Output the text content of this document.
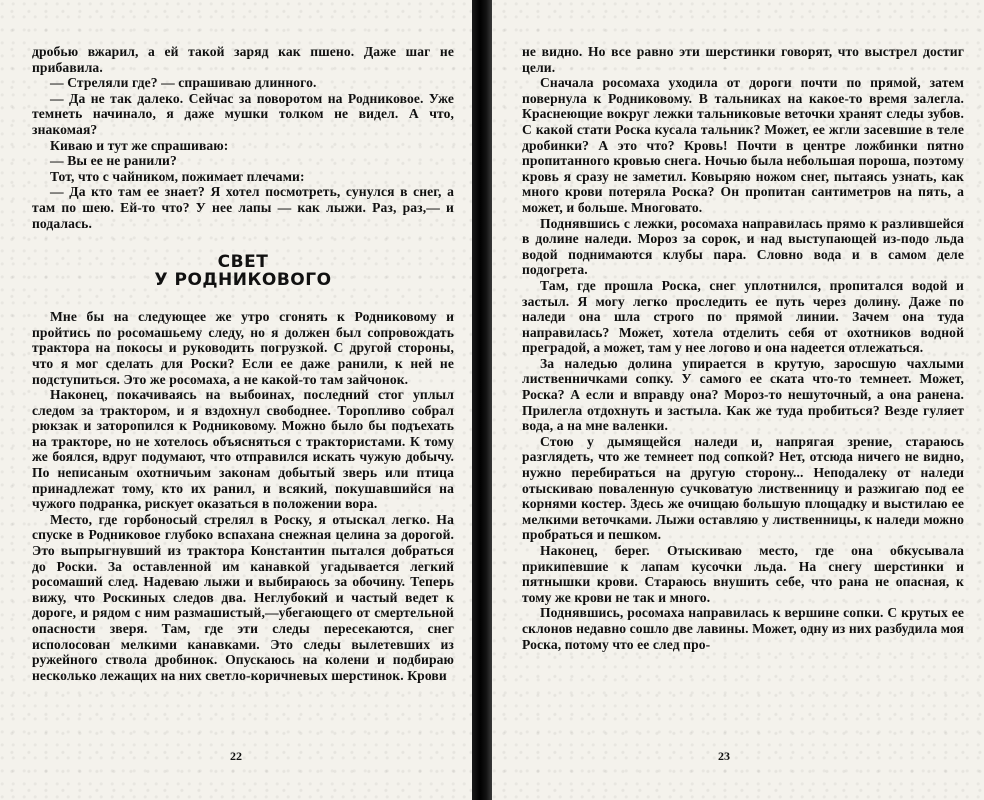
дробью вжарил, а ей такой заряд как пшено. Даже шаг не прибавила.

— Стреляли где? — спрашиваю длинного.

— Да не так далеко. Сейчас за поворотом на Родниковое. Уже темнеть начинало, я даже мушки толком не видел. А что, знакомая?

Киваю и тут же спрашиваю:

— Вы ее не ранили?

Тот, что с чайником, пожимает плечами:

— Да кто там ее знает? Я хотел посмотреть, сунулся в снег, а там по шею. Ей-то что? У нее лапы — как лыжи. Раз, раз,— и подалась.

СВЕТ
У РОДНИКОВОГО

Мне бы на следующее же утро сгонять к Родниковому и пройтись по росомашьему следу, но я должен был сопровождать трактора на покосы и руководить погрузкой. С другой стороны, что я мог сделать для Роски? Если ее даже ранили, к ней не подступиться. Это же росомаха, а не какой-то там зайчонок.

Наконец, покачиваясь на выбоинах, последний стог уплыл следом за трактором, и я вздохнул свободнее. Торопливо собрал рюкзак и заторопился к Родниковому. Можно было бы подъехать на тракторе, но не хотелось объясняться с трактористами. К тому же боялся, вдруг подумают, что отправился искать чужую добычу. По неписаным охотничьим законам добытый зверь или птица принадлежат тому, кто их ранил, и всякий, покушавшийся на чужого подранка, рискует оказаться в положении вора.

Место, где горбоносый стрелял в Роску, я отыскал легко. На спуске в Родниковое глубоко вспахана снежная целина за дорогой. Это выпрыгнувший из трактора Константин пытался добраться до Роски. За оставленной им канавкой угадывается легкий росомаший след. Надеваю лыжи и выбираюсь за обочину. Теперь вижу, что Роскиных следов два. Неглубокий и частый ведет к дороге, и рядом с ним размашистый,—убегающего от смертельной опасности зверя. Там, где эти следы пересекаются, снег исполосован мелкими канавками. Это следы вылетевших из ружейного ствола дробинок. Опускаюсь на колени и подбираю несколько лежащих на них светло-коричневых шерстинок. Крови

22

не видно. Но все равно эти шерстинки говорят, что выстрел достиг цели.

Сначала росомаха уходила от дороги почти по прямой, затем повернула к Родниковому. В тальниках на какое-то время залегла. Краснеющие вокруг лежки тальниковые веточки хранят следы зубов. С какой стати Роска кусала тальник? Может, ее жгли засевшие в теле дробинки? А это что? Кровь! Почти в центре ложбинки пятно пропитанного кровью снега. Ночью была небольшая пороша, поэтому кровь я сразу не заметил. Ковыряю ножом снег, пытаясь узнать, как много крови потеряла Роска? Он пропитан сантиметров на пять, а может, и больше. Многовато.

Поднявшись с лежки, росомаха направилась прямо к разлившейся в долине наледи. Мороз за сорок, и над выступающей из-подо льда водой поднимаются клубы пара. Словно вода и в самом деле подогрета.

Там, где прошла Роска, снег уплотнился, пропитался водой и застыл. Я могу легко проследить ее путь через долину. Даже по наледи она шла строго по прямой линии. Зачем она туда направилась? Может, хотела отделить себя от охотников водной преградой, а может, там у нее логово и она надеется отлежаться.

За наледью долина упирается в крутую, заросшую чахлыми лиственничками сопку. У самого ее ската что-то темнеет. Может, Роска? А если и вправду она? Мороз-то нешуточный, а она ранена. Прилегла отдохнуть и застыла. Как же туда пробиться? Везде гуляет вода, а на мне валенки.

Стою у дымящейся наледи и, напрягая зрение, стараюсь разглядеть, что же темнеет под сопкой? Нет, отсюда ничего не видно, нужно перебираться на другую сторону... Неподалеку от наледи отыскиваю поваленную сучковатую лиственницу и разжигаю под ее корнями костер. Здесь же очищаю большую площадку и выстилаю ее мелкими веточками. Лыжи оставляю у лиственницы, к наледи можно пробраться и пешком.

Наконец, берег. Отыскиваю место, где она обкусывала прикипевшие к лапам кусочки льда. На снегу шерстинки и пятнышки крови. Стараюсь внушить себе, что рана не опасная, к тому же крови не так и много.

Поднявшись, росомаха направилась к вершине сопки. С крутых ее склонов недавно сошло две лавины. Может, одну из них разбудила моя Роска, потому что ее след про-

23
